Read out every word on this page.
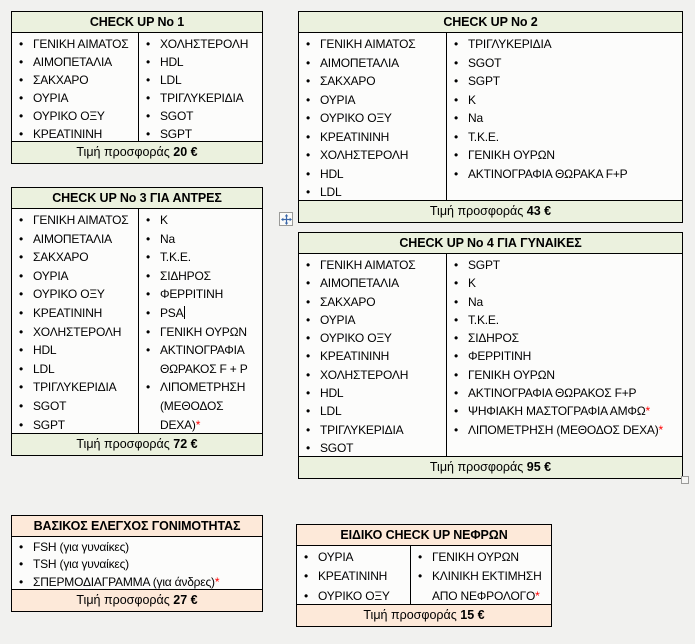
CHECK UP No 1
• ΓΕΝΙΚΗ ΑΙΜΑΤΟΣ
• ΑΙΜΟΠΕΤΑΛΙΑ
• ΣΑΚΧΑΡΟ
• ΟΥΡΙΑ
• ΟΥΡΙΚΟ ΟΞΥ
• ΚΡΕΑΤΙΝΙΝΗ
• ΧΟΛΗΣΤΕΡΟΛΗ
• HDL
• LDL
• ΤΡΙΓΛΥΚΕΡΙΔΙΑ
• SGOT
• SGPT
Τιμή προσφοράς 20 €
CHECK UP No 2
• ΓΕΝΙΚΗ ΑΙΜΑΤΟΣ
• ΑΙΜΟΠΕΤΑΛΙΑ
• ΣΑΚΧΑΡΟ
• ΟΥΡΙΑ
• ΟΥΡΙΚΟ ΟΞΥ
• ΚΡΕΑΤΙΝΙΝΗ
• ΧΟΛΗΣΤΕΡΟΛΗ
• HDL
• LDL
• ΤΡΙΓΛΥΚΕΡΙΔΙΑ
• SGOT
• SGPT
• K
• Na
• Τ.Κ.Ε.
• ΓΕΝΙΚΗ ΟΥΡΩΝ
• ΑΚΤΙΝΟΓΡΑΦΙΑ ΘΩΡΑΚΑ F+P
Τιμή προσφοράς 43 €
CHECK UP No 3 ΓΙΑ ΑΝΤΡΕΣ
• ΓΕΝΙΚΗ ΑΙΜΑΤΟΣ
• ΑΙΜΟΠΕΤΑΛΙΑ
• ΣΑΚΧΑΡΟ
• ΟΥΡΙΑ
• ΟΥΡΙΚΟ ΟΞΥ
• ΚΡΕΑΤΙΝΙΝΗ
• ΧΟΛΗΣΤΕΡΟΛΗ
• HDL
• LDL
• ΤΡΙΓΛΥΚΕΡΙΔΙΑ
• SGOT
• SGPT
• K
• Na
• Τ.Κ.Ε.
• ΣΙΔΗΡΟΣ
• ΦΕΡΡΙΤΙΝΗ
• PSA
• ΓΕΝΙΚΗ ΟΥΡΩΝ
• ΑΚΤΙΝΟΓΡΑΦΙΑ ΘΩΡΑΚΟΣ F + P
• ΛΙΠΟΜΕΤΡΗΣΗ (ΜΕΘΟΔΟΣ DEXA)*
Τιμή προσφοράς 72 €
CHECK UP No 4 ΓΙΑ ΓΥΝΑΙΚΕΣ
• ΓΕΝΙΚΗ ΑΙΜΑΤΟΣ
• ΑΙΜΟΠΕΤΑΛΙΑ
• ΣΑΚΧΑΡΟ
• ΟΥΡΙΑ
• ΟΥΡΙΚΟ ΟΞΥ
• ΚΡΕΑΤΙΝΙΝΗ
• ΧΟΛΗΣΤΕΡΟΛΗ
• HDL
• LDL
• ΤΡΙΓΛΥΚΕΡΙΔΙΑ
• SGOT
• SGPT
• K
• Na
• Τ.Κ.Ε.
• ΣΙΔΗΡΟΣ
• ΦΕΡΡΙΤΙΝΗ
• ΓΕΝΙΚΗ ΟΥΡΩΝ
• ΑΚΤΙΝΟΓΡΑΦΙΑ ΘΩΡΑΚΟΣ F+P
• ΨΗΦΙΑΚΗ ΜΑΣΤΟΓΡΑΦΙΑ ΑΜΦΩ*
• ΛΙΠΟΜΕΤΡΗΣΗ (ΜΕΘΟΔΟΣ DEXA)*
Τιμή προσφοράς 95 €
ΒΑΣΙΚΟΣ ΕΛΕΓΧΟΣ ΓΟΝΙΜΟΤΗΤΑΣ
• FSH (για γυναίκες)
• TSH (για γυναίκες)
• ΣΠΕΡΜΟΔΙΑΓΡΑΜΜΑ (για άνδρες)*
Τιμή προσφοράς 27 €
ΕΙΔΙΚΟ CHECK UP ΝΕΦΡΩΝ
• ΟΥΡΙΑ
• ΚΡΕΑΤΙΝΙΝΗ
• ΟΥΡΙΚΟ ΟΞΥ
• ΓΕΝΙΚΗ ΟΥΡΩΝ
• ΚΛΙΝΙΚΗ ΕΚΤΙΜΗΣΗ ΑΠΟ ΝΕΦΡΟΛΟΓΟ*
Τιμή προσφοράς 15 €
